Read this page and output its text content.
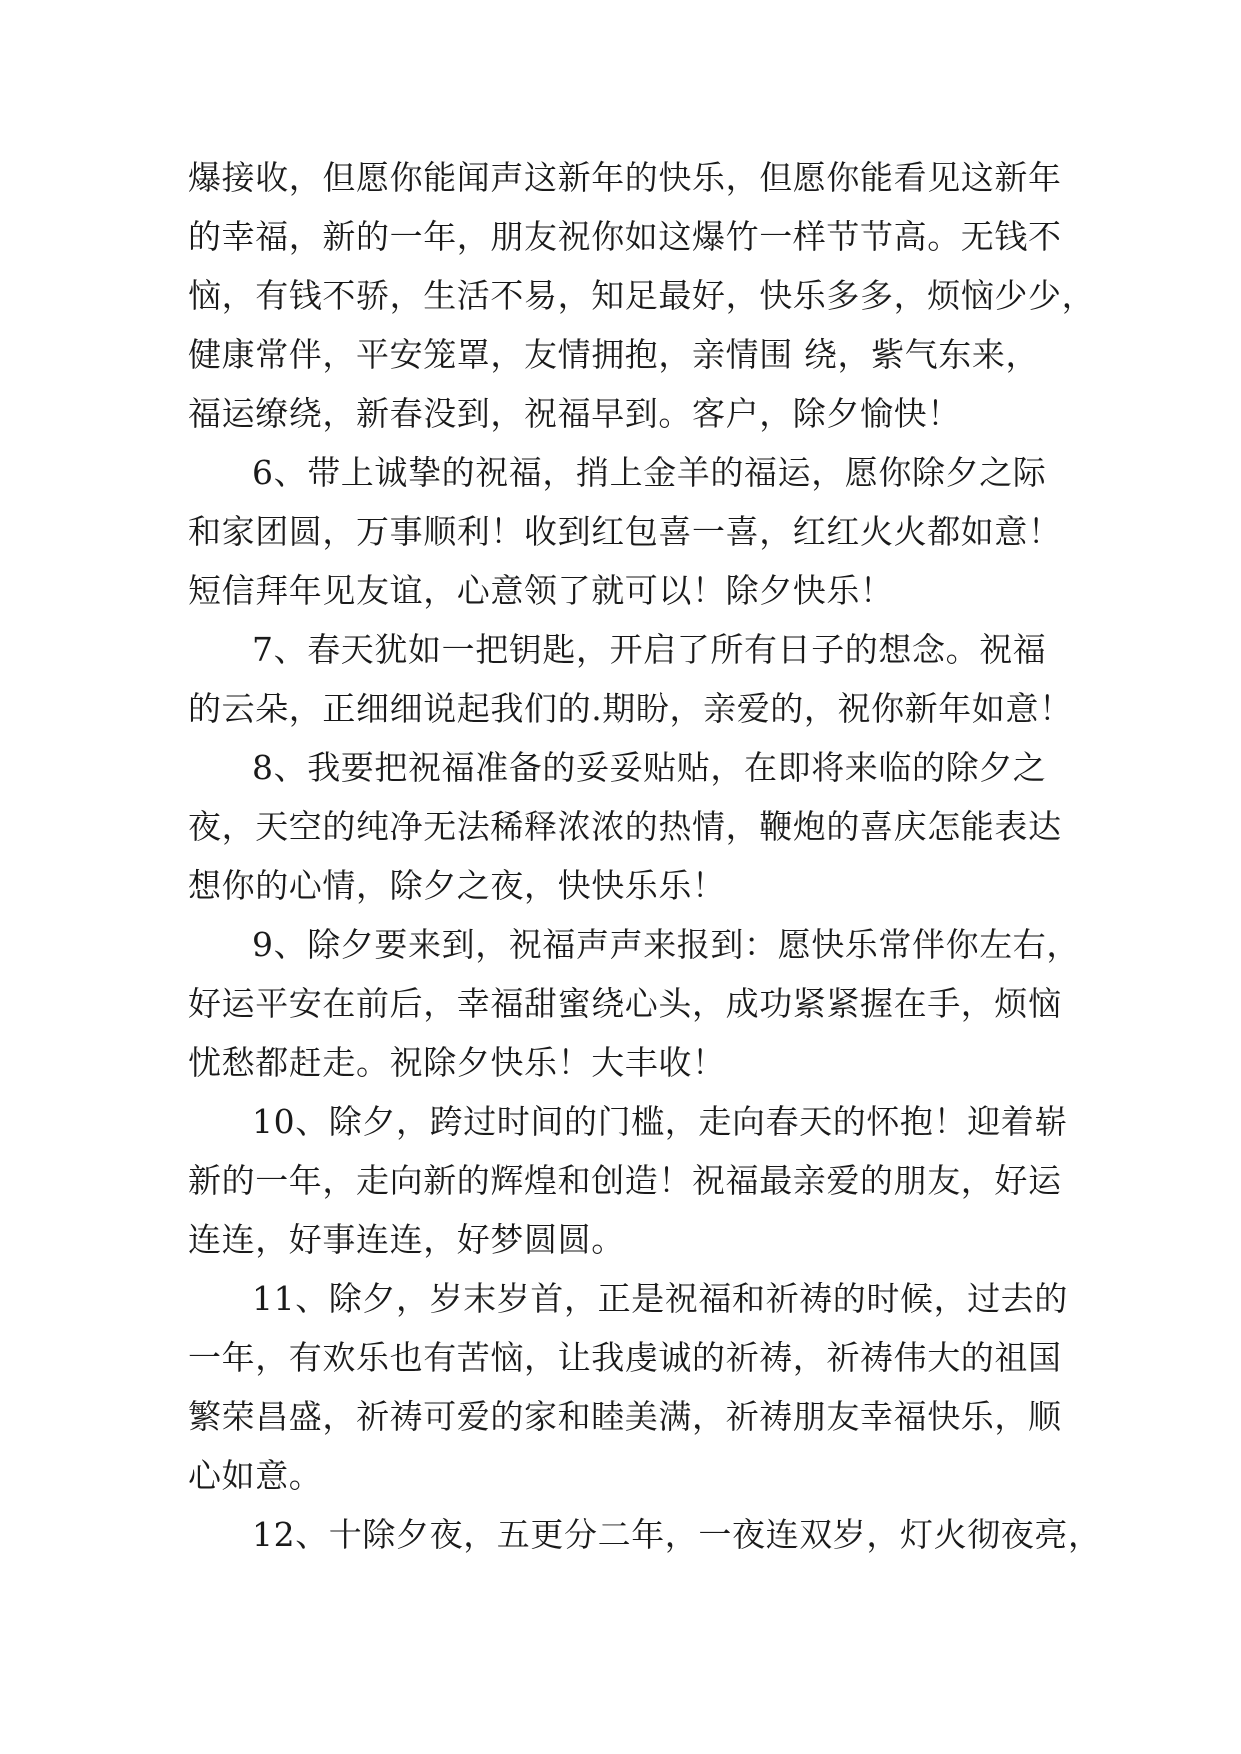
爆接收，但愿你能闻声这新年的快乐，但愿你能看见这新年
的幸福，新的一年，朋友祝你如这爆竹一样节节高。无钱不
恼，有钱不骄，生活不易，知足最好，快乐多多，烦恼少少，
健康常伴，平安笼罩，友情拥抱，亲情围 绕，紫气东来，
福运缭绕，新春没到，祝福早到。客户，除夕愉快！
6、带上诚挚的祝福，捎上金羊的福运，愿你除夕之际
和家团圆，万事顺利！收到红包喜一喜，红红火火都如意！
短信拜年见友谊，心意领了就可以！除夕快乐！
7、春天犹如一把钥匙，开启了所有日子的想念。祝福
的云朵，正细细说起我们的.期盼，亲爱的，祝你新年如意！
8、我要把祝福准备的妥妥贴贴，在即将来临的除夕之
夜，天空的纯净无法稀释浓浓的热情，鞭炮的喜庆怎能表达
想你的心情，除夕之夜，快快乐乐！
9、除夕要来到，祝福声声来报到：愿快乐常伴你左右，
好运平安在前后，幸福甜蜜绕心头，成功紧紧握在手，烦恼
忧愁都赶走。祝除夕快乐！大丰收！
10、除夕，跨过时间的门槛，走向春天的怀抱！迎着崭
新的一年，走向新的辉煌和创造！祝福最亲爱的朋友，好运
连连，好事连连，好梦圆圆。
11、除夕，岁末岁首，正是祝福和祈祷的时候，过去的
一年，有欢乐也有苦恼，让我虔诚的祈祷，祈祷伟大的祖国
繁荣昌盛，祈祷可爱的家和睦美满，祈祷朋友幸福快乐，顺
心如意。
12、十除夕夜，五更分二年，一夜连双岁，灯火彻夜亮，
